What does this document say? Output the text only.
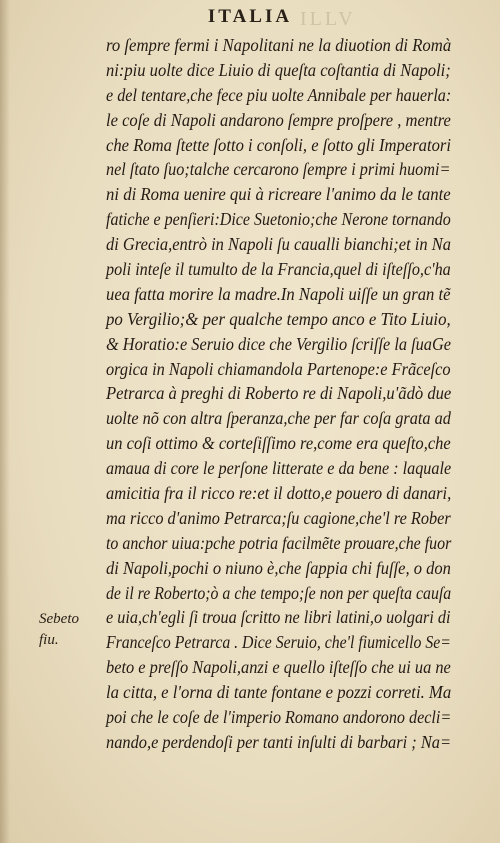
ILLV
ITALIA
Sebeto
fiu.
ro ſempre fermi i Napolitani ne la diuotion di Romà
ni:piu uolte dice Liuio di queſta coſtantia di Napoli;
e del tentare,che fece piu uolte Annibale per hauerla:
le coſe di Napoli andarono ſempre proſpere , mentre
che Roma ſtette ſotto i conſoli, e ſotto gli Imperatori
nel ſtato ſuo;talche cercarono ſempre i primi huomi=
ni di Roma uenire qui à ricreare l'animo da le tante
fatiche e penſieri:Dice Suetonio;che Nerone tornando
di Grecia,entrò in Napoli ſu caualli bianchi;et in Na
poli inteſe il tumulto de la Francia,quel di iſteſſo,c'ha
uea fatta morire la madre.In Napoli uiſſe un gran tẽ
po Vergilio;& per qualche tempo anco e Tito Liuio,
& Horatio:e Seruio dice che Vergilio ſcriſſe la ſuaGe
orgica in Napoli chiamandola Partenope:e Frãceſco
Petrarca à preghi di Roberto re di Napoli,u'ãdò due
uolte nõ con altra ſperanza,che per far coſa grata ad
un coſi ottimo & corteſiſſimo re,come era queſto,che
amaua di core le perſone litterate e da bene : laquale
amicitia fra il ricco re:et il dotto,e pouero di danari,
ma ricco d'animo Petrarca;ſu cagione,che'l re Rober
to anchor uiua:pche potria facilmẽte prouare,che fuor
di Napoli,pochi o niuno è,che ſappia chi fuſſe, o don
de il re Roberto;ò a che tempo;ſe non per queſta cauſa
e uia,ch'egli ſi troua ſcritto ne libri latini,o uolgari di
Franceſco Petrarca . Dice Seruio, che'l fiumicello Se=
beto e preſſo Napoli,anzi e quello iſteſſo che ui ua ne
la citta, e l'orna di tante fontane e pozzi correti. Ma
poi che le coſe de l'imperio Romano andorono decli=
nando,e perdendoſi per tanti inſulti di barbari ; Na=
